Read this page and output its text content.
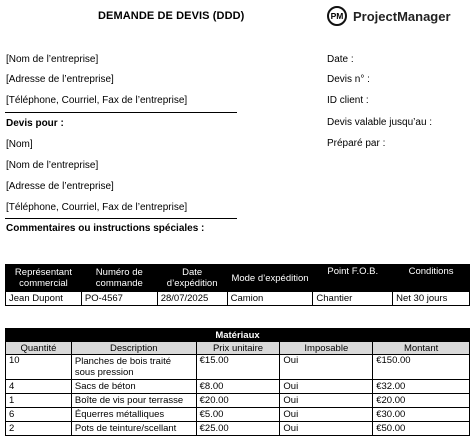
DEMANDE DE DEVIS (DDD)	PM ProjectManager
[Nom de l’entreprise]
[Adresse de l’entreprise]
[Téléphone, Courriel, Fax de l’entreprise]
Devis pour :
[Nom]
[Nom de l’entreprise]
[Adresse de l’entreprise]
[Téléphone, Courriel, Fax de l’entreprise]
Commentaires ou instructions spéciales :
Date :
Devis n° :
ID client :
Devis valable jusqu’au :
Préparé par :
Représentant commercial	Numéro de commande	Date d’expédition	Mode d’expédition	Point F.O.B.	Conditions
Jean Dupont	PO-4567	28/07/2025	Camion	Chantier	Net 30 jours
Matériaux				
Quantité	Description	Prix unitaire	Imposable	Montant
10	Planches de bois traité sous pression	€15.00	Oui	€150.00
4	Sacs de béton	€8.00	Oui	€32.00
1	Boîte de vis pour terrasse	€20.00	Oui	€20.00
6	Équerres métalliques	€5.00	Oui	€30.00
2	Pots de teinture/scellant	€25.00	Oui	€50.00
